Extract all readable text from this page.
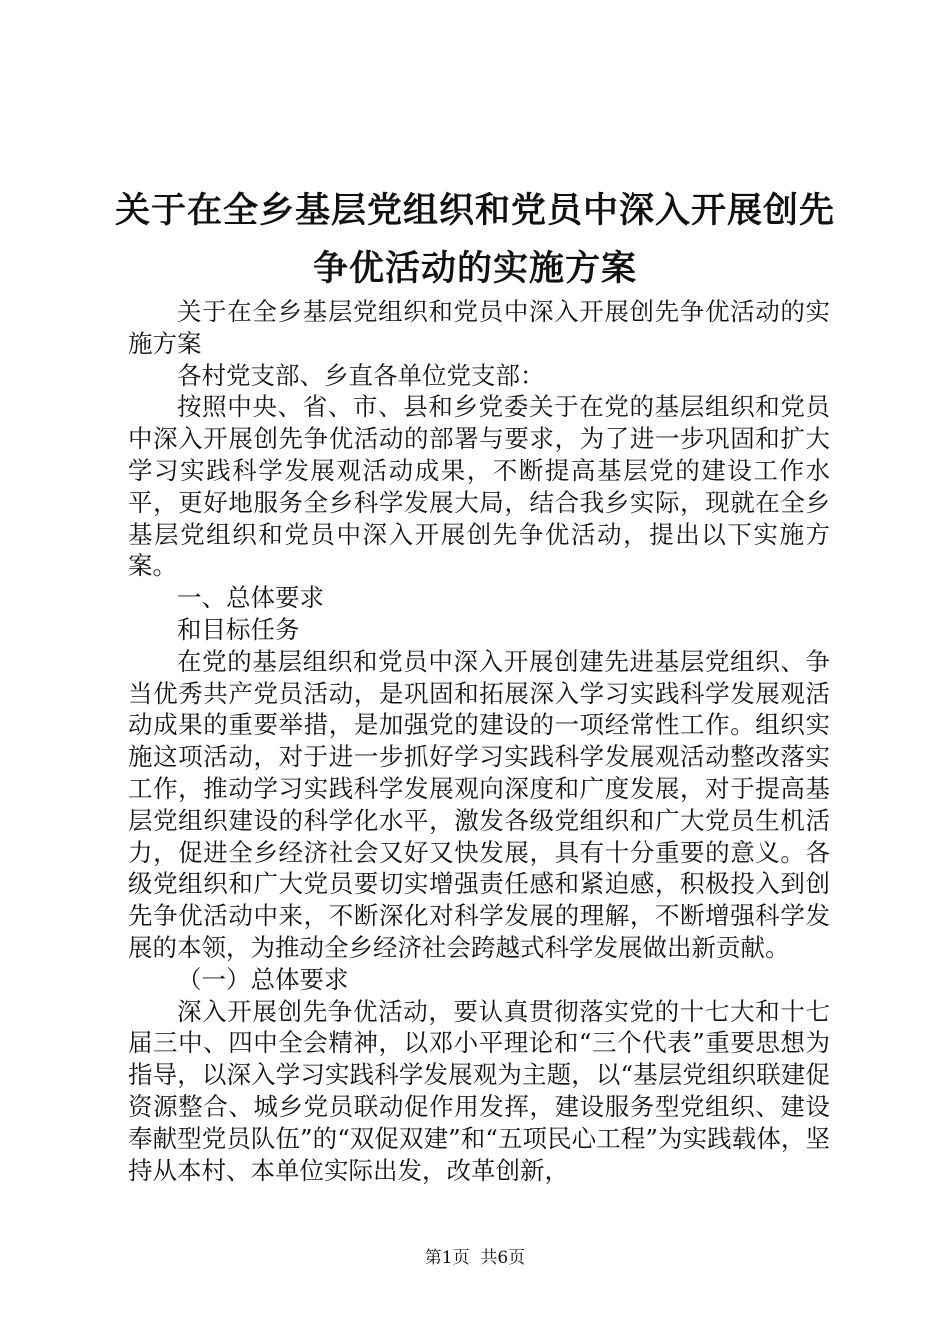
关于在全乡基层党组织和党员中深入开展创先
争优活动的实施方案

关于在全乡基层党组织和党员中深入开展创先争优活动的实施方案

各村党支部、乡直各单位党支部：

按照中央、省、市、县和乡党委关于在党的基层组织和党员中深入开展创先争优活动的部署与要求，为了进一步巩固和扩大学习实践科学发展观活动成果，不断提高基层党的建设工作水平，更好地服务全乡科学发展大局，结合我乡实际，现就在全乡基层党组织和党员中深入开展创先争优活动，提出以下实施方案。

一、总体要求

和目标任务

在党的基层组织和党员中深入开展创建先进基层党组织、争当优秀共产党员活动，是巩固和拓展深入学习实践科学发展观活动成果的重要举措，是加强党的建设的一项经常性工作。组织实施这项活动，对于进一步抓好学习实践科学发展观活动整改落实工作，推动学习实践科学发展观向深度和广度发展，对于提高基层党组织建设的科学化水平，激发各级党组织和广大党员生机活力，促进全乡经济社会又好又快发展，具有十分重要的意义。各级党组织和广大党员要切实增强责任感和紧迫感，积极投入到创先争优活动中来，不断深化对科学发展的理解，不断增强科学发展的本领，为推动全乡经济社会跨越式科学发展做出新贡献。

（一）总体要求

深入开展创先争优活动，要认真贯彻落实党的十七大和十七届三中、四中全会精神，以邓小平理论和“三个代表”重要思想为指导，以深入学习实践科学发展观为主题，以“基层党组织联建促资源整合、城乡党员联动促作用发挥，建设服务型党组织、建设奉献型党员队伍”的“双促双建”和“五项民心工程”为实践载体，坚持从本村、本单位实际出发，改革创新，

第1页  共6页
